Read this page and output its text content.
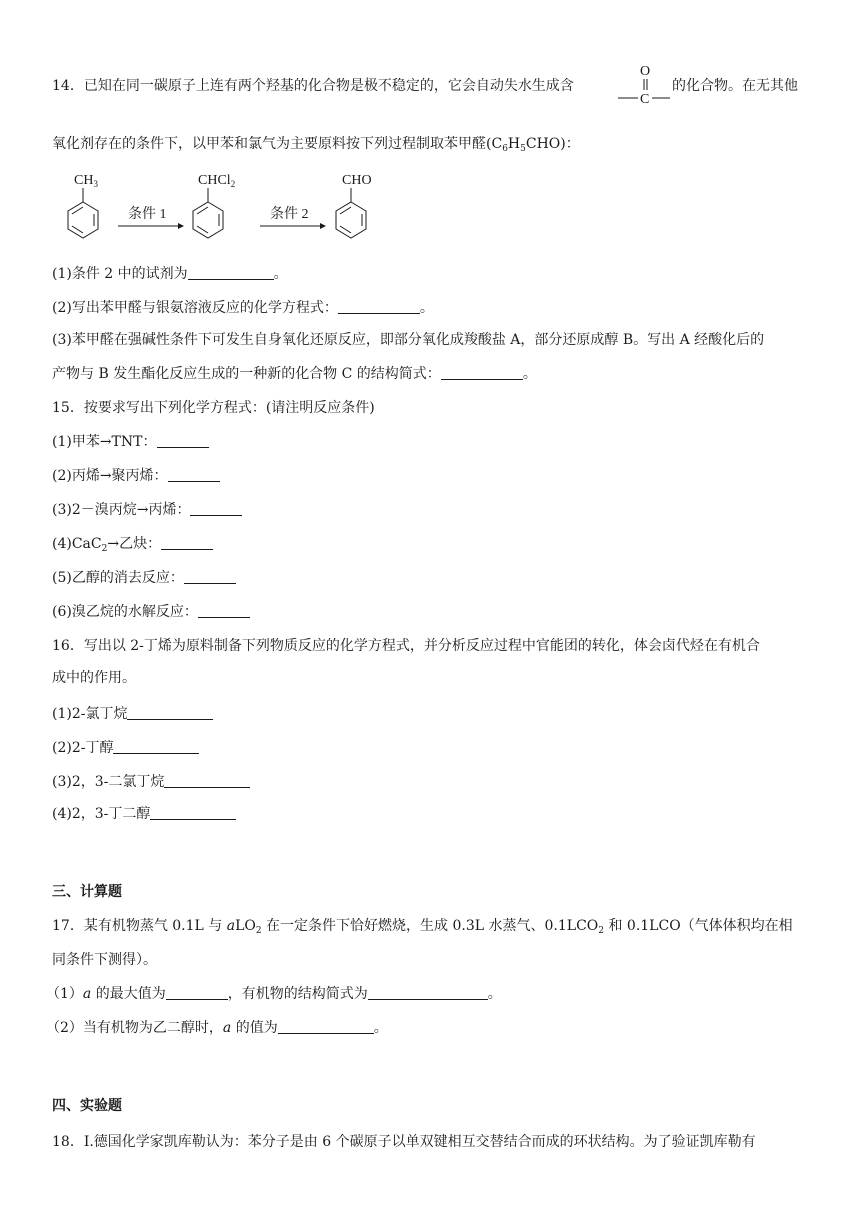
14．已知在同一碳原子上连有两个羟基的化合物是极不稳定的，它会自动失水生成含
O
C
的化合物。在无其他
氧化剂存在的条件下，以甲苯和氯气为主要原料按下列过程制取苯甲醛$(C_6H_5CHO)$：
$CH_3$
条件 1
CHCl$_2$
条件 2
CHO
(1)条件 2 中的试剂为	。
(2)写出苯甲醛与银氨溶液反应的化学方程式：	。
(3)苯甲醛在强碱性条件下可发生自身氧化还原反应，即部分氧化成羧酸盐 A，部分还原成醇 B。写出 A 经酸化后的
产物与 B 发生酯化反应生成的一种新的化合物 C 的结构简式：	。
15．按要求写出下列化学方程式：(请注明反应条件)
(1)甲苯→TNT：
(2)丙烯→聚丙烯：
(3)2－溴丙烷→丙烯：
(4)CaC$_2$→乙炔：
(5)乙醇的消去反应：
(6)溴乙烷的水解反应：
16．写出以 2-丁烯为原料制备下列物质反应的化学方程式，并分析反应过程中官能团的转化，体会卤代烃在有机合
成中的作用。
(1)2-氯丁烷
(2)2-丁醇
(3)2，3-二氯丁烷
(4)2，3-丁二醇
三、计算题
17．某有机物蒸气 0.1L 与 aLO$_2$ 在一定条件下恰好燃烧，生成 0.3L 水蒸气、$0.1LCO_2$ 和 0.1LCO（气体体积均在相
同条件下测得）。
（1）a 的最大值为	，有机物的结构简式为	。
（2）当有机物为乙二醇时，a 的值为	。
四、实验题
18．Ⅰ.德国化学家凯库勒认为：苯分子是由 6 个碳原子以单双键相互交替结合而成的环状结构。为了验证凯库勒有
